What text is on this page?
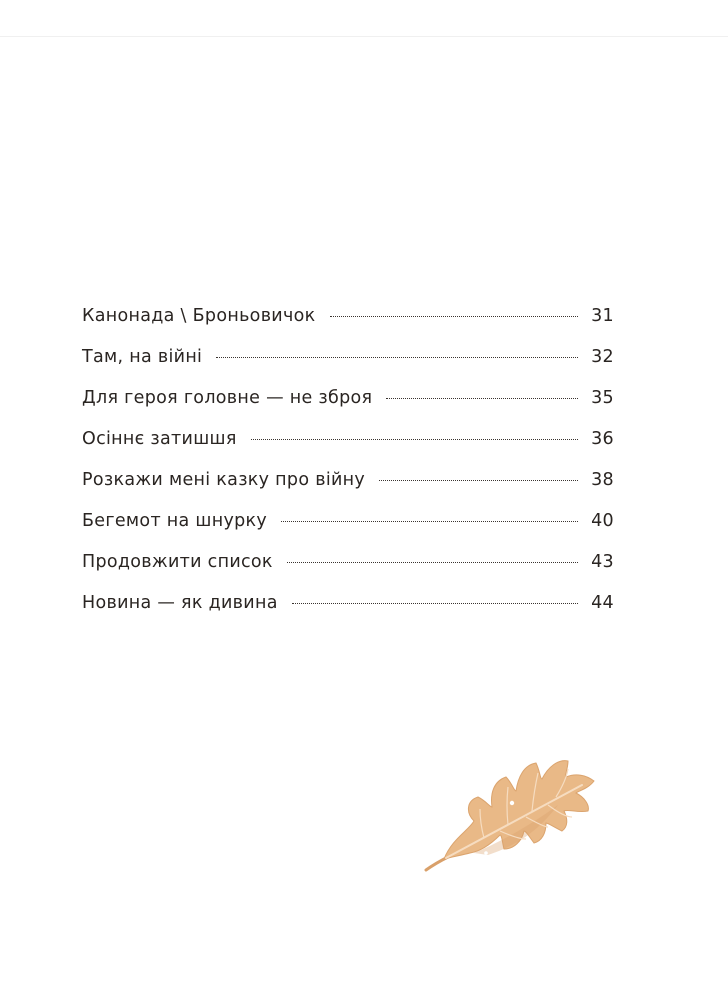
Канонада \ Броньовичок	31
Там, на війні	32
Для героя головне — не зброя	35
Осіннє затишшя	36
Розкажи мені казку про війну	38
Бегемот на шнурку	40
Продовжити список	43
Новина — як дивина	44
